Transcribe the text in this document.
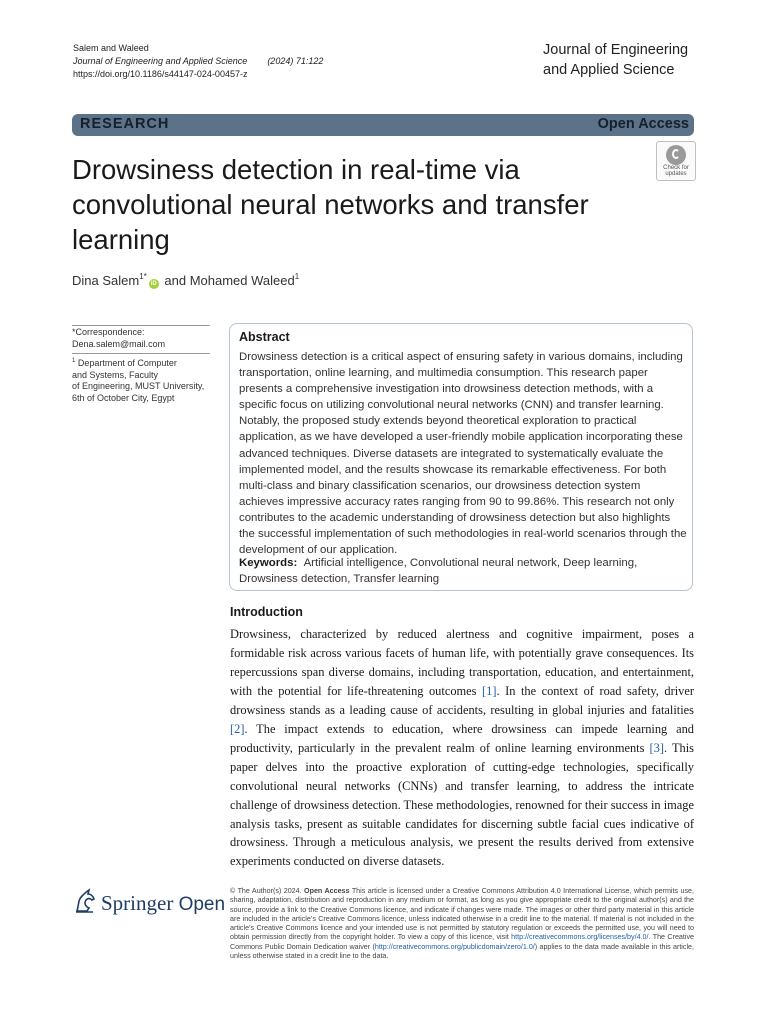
Salem and Waleed
Journal of Engineering and Applied Science (2024) 71:122
https://doi.org/10.1186/s44147-024-00457-z
Journal of Engineering and Applied Science
RESEARCH	Open Access
Drowsiness detection in real-time via convolutional neural networks and transfer learning
Check for
updates
Dina Salem$^{1*}$iD and Mohamed Waleed$^1$
*Correspondence:
Dena.salem@mail.com
$^1$ Department of Computer
and Systems, Faculty
of Engineering, MUST University,
6th of October City, Egypt
Abstract
Drowsiness detection is a critical aspect of ensuring safety in various domains, including transportation, online learning, and multimedia consumption. This research paper presents a comprehensive investigation into drowsiness detection methods, with a specific focus on utilizing convolutional neural networks (CNN) and transfer learning. Notably, the proposed study extends beyond theoretical exploration to practical application, as we have developed a user-friendly mobile application incorporating these advanced techniques. Diverse datasets are integrated to systematically evaluate the implemented model, and the results showcase its remarkable effectiveness. For both multi-class and binary classification scenarios, our drowsiness detection system achieves impressive accuracy rates ranging from 90 to 99.86%. This research not only contributes to the academic understanding of drowsiness detection but also highlights the successful implementation of such methodologies in real-world scenarios through the development of our application.
Keywords: Artificial intelligence, Convolutional neural network, Deep learning, Drowsiness detection, Transfer learning
Introduction
Drowsiness, characterized by reduced alertness and cognitive impairment, poses a formidable risk across various facets of human life, with potentially grave consequences. Its repercussions span diverse domains, including transportation, education, and entertainment, with the potential for life-threatening outcomes [1]. In the context of road safety, driver drowsiness stands as a leading cause of accidents, resulting in global injuries and fatalities [2]. The impact extends to education, where drowsiness can impede learning and productivity, particularly in the prevalent realm of online learning environments [3]. This paper delves into the proactive exploration of cutting-edge technologies, specifically convolutional neural networks (CNNs) and transfer learning, to address the intricate challenge of drowsiness detection. These methodologies, renowned for their success in image analysis tasks, present as suitable candidates for discerning subtle facial cues indicative of drowsiness. Through a meticulous analysis, we present the results derived from extensive experiments conducted on diverse datasets.
Springer Open
© The Author(s) 2024. Open Access This article is licensed under a Creative Commons Attribution 4.0 International License, which permits use, sharing, adaptation, distribution and reproduction in any medium or format, as long as you give appropriate credit to the original author(s) and the source, provide a link to the Creative Commons licence, and indicate if changes were made. The images or other third party material in this article are included in the article’s Creative Commons licence, unless indicated otherwise in a credit line to the material. If material is not included in the article’s Creative Commons licence and your intended use is not permitted by statutory regulation or exceeds the permitted use, you will need to obtain permission directly from the copyright holder. To view a copy of this licence, visit http://creativecommons.org/licenses/by/4.0/. The Creative Commons Public Domain Dedication waiver (http://creativecommons.org/publicdomain/zero/1.0/) applies to the data made available in this article, unless otherwise stated in a credit line to the data.
